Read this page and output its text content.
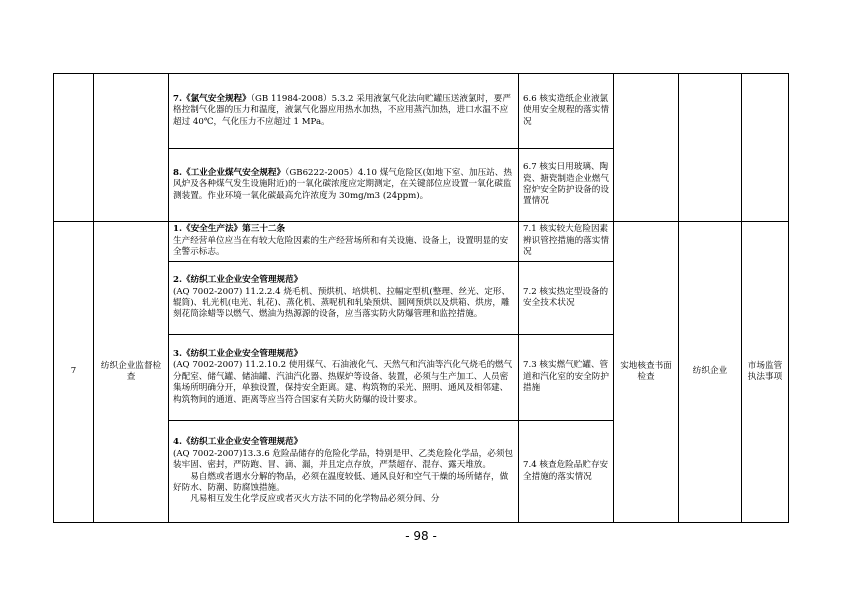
		7.《氯气安全规程》（GB 11984-2008）5.3.2 采用液氯气化法向贮罐压送液氯时，要严格控制气化器的压力和温度，液氯气化器应用热水加热，不应用蒸汽加热，进口水温不应超过 40℃，气化压力不应超过 1 MPa。	6.6 核实造纸企业液氯使用安全规程的落实情况			
		8.《工业企业煤气安全规程》（GB6222-2005）4.10 煤气危险区(如地下室、加压站、热风炉及各种煤气发生设施附近)的一氧化碳浓度应定期测定，在关键部位应设置一氧化碳监测装置。作业环境一氧化碳最高允许浓度为 30mg/m3 (24ppm)。	6.7 核实日用玻璃、陶瓷、搪瓷制造企业燃气窑炉安全防护设备的设置情况			
7	纺织企业监督检查	1.《安全生产法》第三十二条
生产经营单位应当在有较大危险因素的生产经营场所和有关设施、设备上，设置明显的安全警示标志。	7.1 核实较大危险因素辨识管控措施的落实情况	实地核查书面检查	纺织企业	市场监管执法事项

		2.《纺织工业企业安全管理规范》
(AQ 7002-2007) 11.2.2.4 烧毛机、预烘机、培烘机、拉幅定型机(整理、丝光、定形、辊筒)、轧光机(电光、轧花)、蒸化机、蒸呢机和轧染预烘、圆网预烘以及烘箱、烘房，雕刻花筒涂蜡等以燃气、燃油为热源源的设备，应当落实防火防爆管理和监控措施。	7.2 核实热定型设备的安全技术状况			

		3.《纺织工业企业安全管理规范》
(AQ 7002-2007) 11.2.10.2 使用煤气、石油液化气、天然气和汽油等汽化气烧毛的燃气分配室、储气罐、储油罐、汽油汽化器、热媒炉等设备、装置，必须与生产加工、人员密集场所明确分开，单独设置，保持安全距离。建、构筑物的采光、照明、通风及相邻建、构筑物间的通道、距离等应当符合国家有关防火防爆的设计要求。	7.3 核实燃气贮罐、管道和汽化室的安全防护措施			

		4.《纺织工业企业安全管理规范》
(AQ 7002-2007)13.3.6 危险品储存的危险化学品，特别是甲、乙类危险化学品，必须包装牢固、密封，严防跑、冒、滴、漏，并且定点存放，严禁超存、混存、露天堆放。
易自燃或者遇水分解的物品，必须在温度较低、通风良好和空气干燥的场所储存，做好防水、防潮、防腐蚀措施。
凡易相互发生化学反应或者灭火方法不同的化学物品必须分间、分	7.4 核查危险品贮存安全措施的落实情况			
- 98 -
